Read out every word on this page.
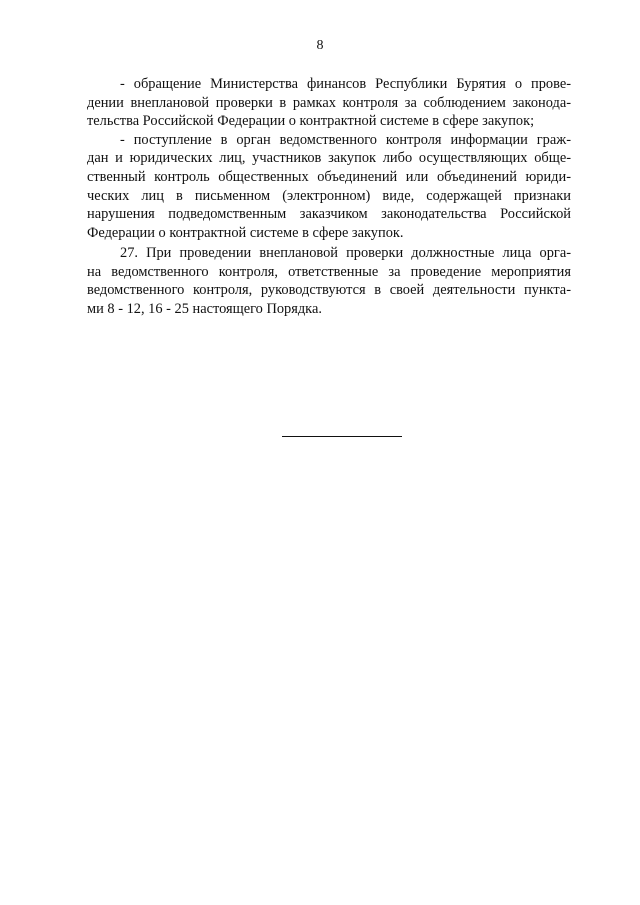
8
- обращение Министерства финансов Республики Бурятия о прове-
дении внеплановой проверки в рамках контроля за соблюдением законода-
тельства Российской Федерации о контрактной системе в сфере закупок;
- поступление в орган ведомственного контроля информации граж-
дан и юридических лиц, участников закупок либо осуществляющих обще-
ственный контроль общественных объединений или объединений юриди-
ческих лиц в письменном (электронном) виде, содержащей признаки
нарушения подведомственным заказчиком законодательства Российской
Федерации о контрактной системе в сфере закупок.
27. При проведении внеплановой проверки должностные лица орга-
на ведомственного контроля, ответственные за проведение мероприятия
ведомственного контроля, руководствуются в своей деятельности пункта-
ми 8 - 12, 16 - 25 настоящего Порядка.
